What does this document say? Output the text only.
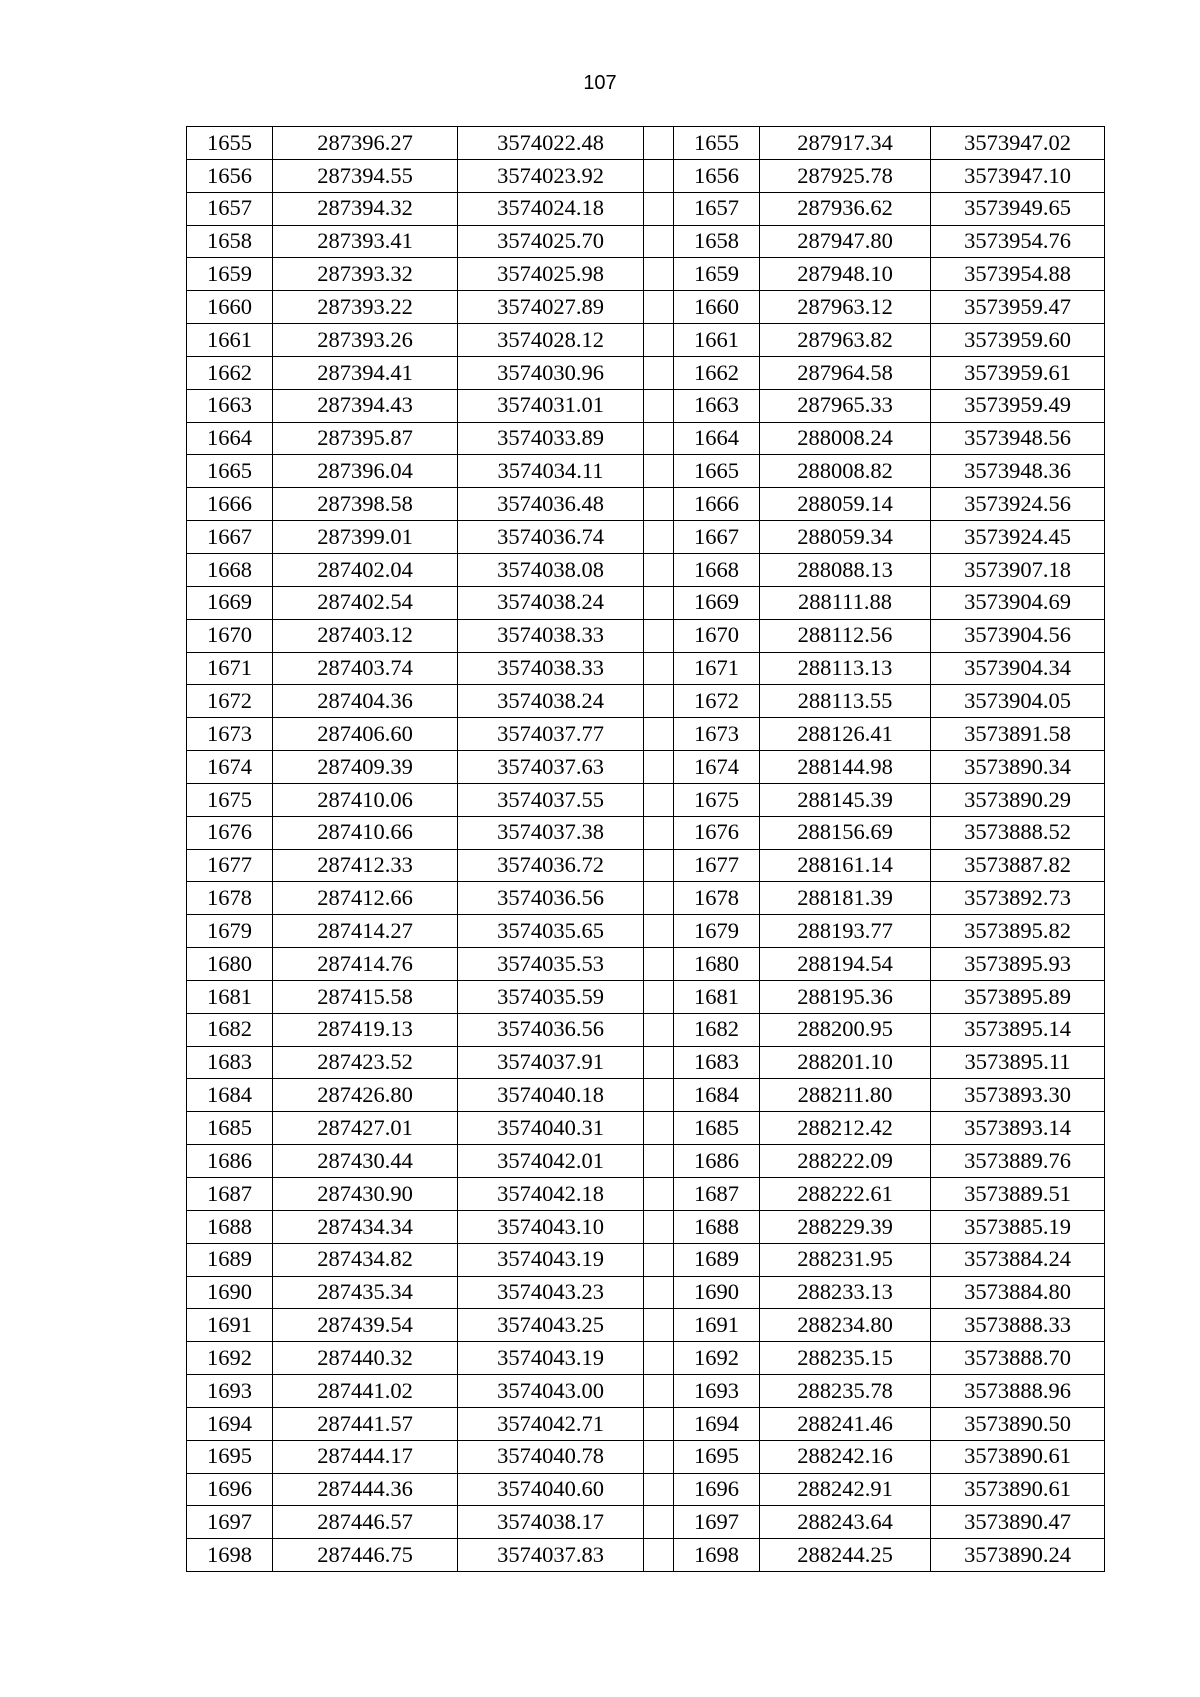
107
1655	287396.27	3574022.48		1655	287917.34	3573947.02
1656	287394.55	3574023.92		1656	287925.78	3573947.10
1657	287394.32	3574024.18		1657	287936.62	3573949.65
1658	287393.41	3574025.70		1658	287947.80	3573954.76
1659	287393.32	3574025.98		1659	287948.10	3573954.88
1660	287393.22	3574027.89		1660	287963.12	3573959.47
1661	287393.26	3574028.12		1661	287963.82	3573959.60
1662	287394.41	3574030.96		1662	287964.58	3573959.61
1663	287394.43	3574031.01		1663	287965.33	3573959.49
1664	287395.87	3574033.89		1664	288008.24	3573948.56
1665	287396.04	3574034.11		1665	288008.82	3573948.36
1666	287398.58	3574036.48		1666	288059.14	3573924.56
1667	287399.01	3574036.74		1667	288059.34	3573924.45
1668	287402.04	3574038.08		1668	288088.13	3573907.18
1669	287402.54	3574038.24		1669	288111.88	3573904.69
1670	287403.12	3574038.33		1670	288112.56	3573904.56
1671	287403.74	3574038.33		1671	288113.13	3573904.34
1672	287404.36	3574038.24		1672	288113.55	3573904.05
1673	287406.60	3574037.77		1673	288126.41	3573891.58
1674	287409.39	3574037.63		1674	288144.98	3573890.34
1675	287410.06	3574037.55		1675	288145.39	3573890.29
1676	287410.66	3574037.38		1676	288156.69	3573888.52
1677	287412.33	3574036.72		1677	288161.14	3573887.82
1678	287412.66	3574036.56		1678	288181.39	3573892.73
1679	287414.27	3574035.65		1679	288193.77	3573895.82
1680	287414.76	3574035.53		1680	288194.54	3573895.93
1681	287415.58	3574035.59		1681	288195.36	3573895.89
1682	287419.13	3574036.56		1682	288200.95	3573895.14
1683	287423.52	3574037.91		1683	288201.10	3573895.11
1684	287426.80	3574040.18		1684	288211.80	3573893.30
1685	287427.01	3574040.31		1685	288212.42	3573893.14
1686	287430.44	3574042.01		1686	288222.09	3573889.76
1687	287430.90	3574042.18		1687	288222.61	3573889.51
1688	287434.34	3574043.10		1688	288229.39	3573885.19
1689	287434.82	3574043.19		1689	288231.95	3573884.24
1690	287435.34	3574043.23		1690	288233.13	3573884.80
1691	287439.54	3574043.25		1691	288234.80	3573888.33
1692	287440.32	3574043.19		1692	288235.15	3573888.70
1693	287441.02	3574043.00		1693	288235.78	3573888.96
1694	287441.57	3574042.71		1694	288241.46	3573890.50
1695	287444.17	3574040.78		1695	288242.16	3573890.61
1696	287444.36	3574040.60		1696	288242.91	3573890.61
1697	287446.57	3574038.17		1697	288243.64	3573890.47
1698	287446.75	3574037.83		1698	288244.25	3573890.24
